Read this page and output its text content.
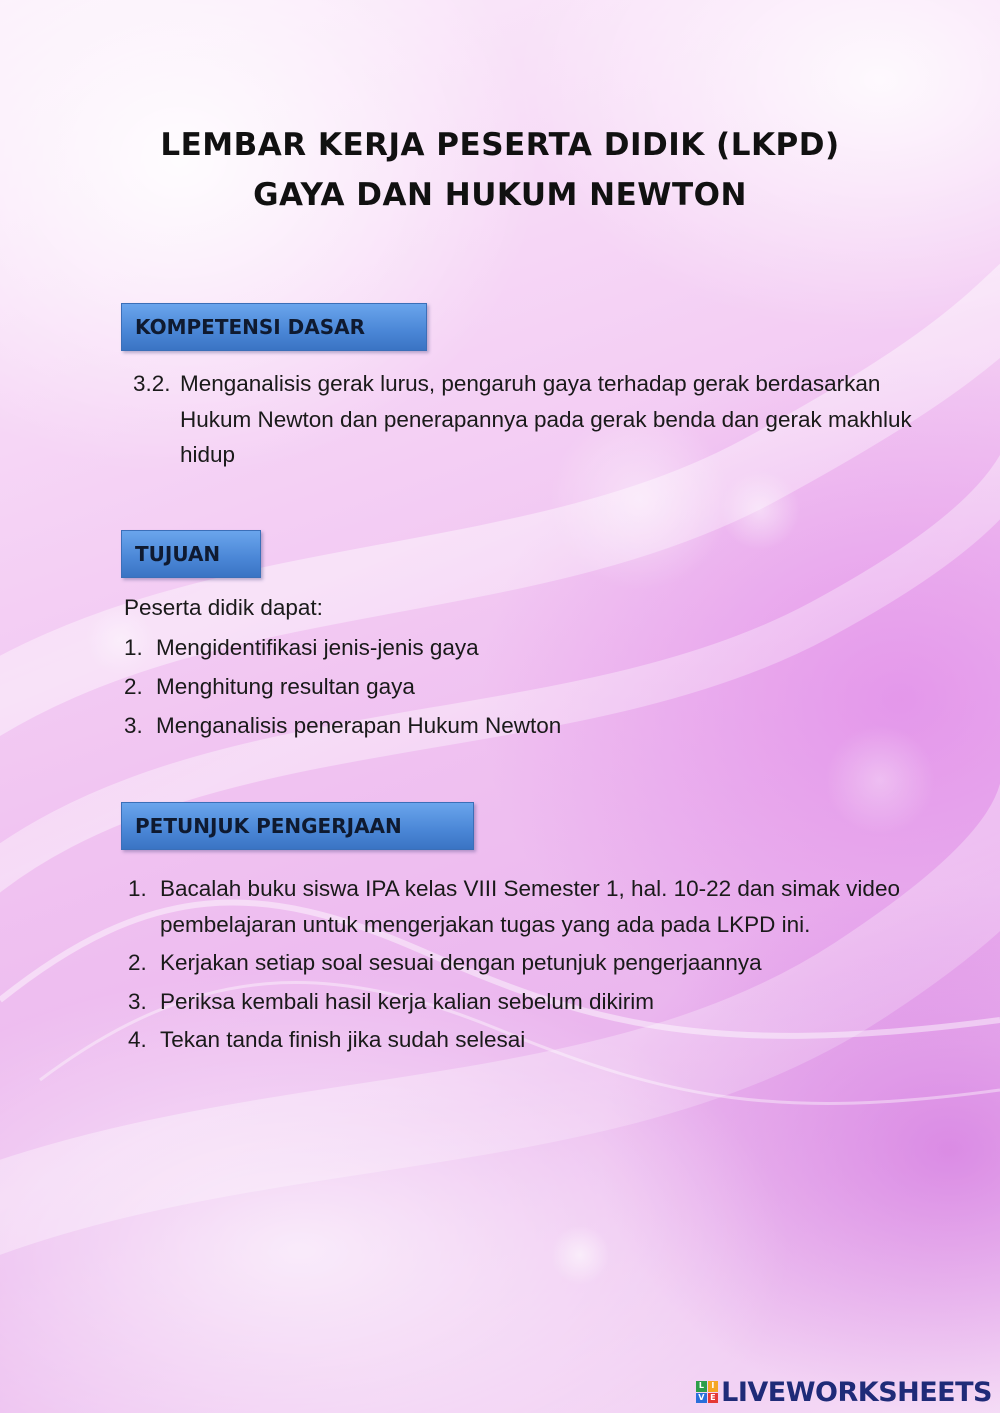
LEMBAR KERJA PESERTA DIDIK (LKPD)
GAYA DAN HUKUM NEWTON
KOMPETENSI DASAR
3.2. Menganalisis gerak lurus, pengaruh gaya terhadap gerak berdasarkan Hukum Newton dan penerapannya pada gerak benda dan gerak makhluk hidup
TUJUAN
Peserta didik dapat:
1. Mengidentifikasi jenis-jenis gaya
2. Menghitung resultan gaya
3. Menganalisis penerapan Hukum Newton
PETUNJUK PENGERJAAN
1. Bacalah buku siswa IPA kelas VIII Semester 1, hal. 10-22 dan simak video pembelajaran untuk mengerjakan tugas yang ada pada LKPD ini.
2. Kerjakan setiap soal sesuai dengan petunjuk pengerjaannya
3. Periksa kembali hasil kerja kalian sebelum dikirim
4. Tekan tanda finish jika sudah selesai
L I
V E LIVEWORKSHEETS
